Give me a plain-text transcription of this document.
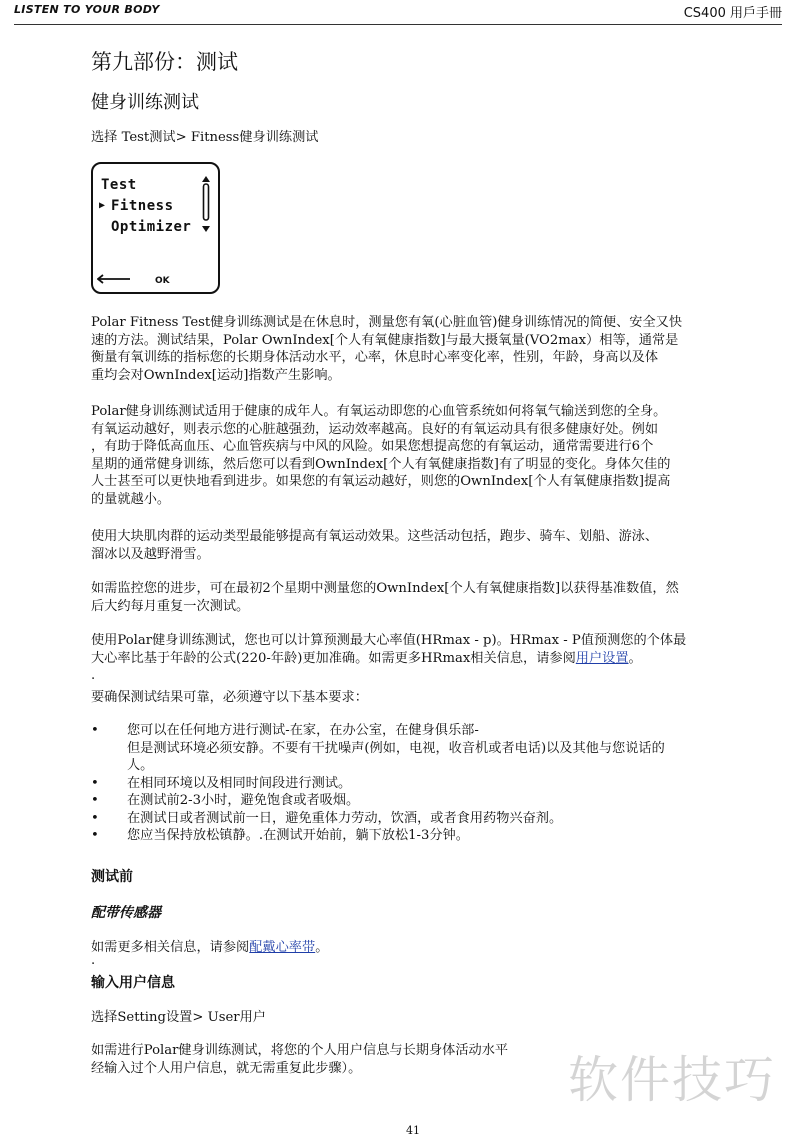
LISTEN TO YOUR BODY	CS400 用戶手冊
第九部份：测试
健身训练测试
选择 Test测试> Fitness健身训练测试
Test
▶ Fitness
Optimizer
OK
Polar Fitness Test健身训练测试是在休息时，测量您有氧(心脏血管)健身训练情况的简便、安全又快
速的方法。测试结果，Polar OwnIndex[个人有氧健康指数]与最大摄氧量(VO2max）相等，通常是
衡量有氧训练的指标您的长期身体活动水平，心率，休息时心率变化率，性别，年龄，身高以及体
重均会对OwnIndex[运动]指数产生影响。
Polar健身训练测试适用于健康的成年人。有氧运动即您的心血管系统如何将氧气输送到您的全身。
有氧运动越好，则表示您的心脏越强劲，运动效率越高。良好的有氧运动具有很多健康好处。例如
，有助于降低高血压、心血管疾病与中风的风险。如果您想提高您的有氧运动，通常需要进行6个
星期的通常健身训练，然后您可以看到OwnIndex[个人有氧健康指数]有了明显的变化。身体欠佳的
人士甚至可以更快地看到进步。如果您的有氧运动越好，则您的OwnIndex[个人有氧健康指数]提高
的量就越小。
使用大块肌肉群的运动类型最能够提高有氧运动效果。这些活动包括，跑步、骑车、划船、游泳、
溜冰以及越野滑雪。
如需监控您的进步，可在最初2个星期中测量您的OwnIndex[个人有氧健康指数]以获得基准数值，然
后大约每月重复一次测试。
使用Polar健身训练测试，您也可以计算预测最大心率值(HRmax - p)。HRmax - P值预测您的个体最
大心率比基于年龄的公式(220-年龄)更加准确。如需更多HRmax相关信息，请参阅用户设置。
.
要确保测试结果可靠，必须遵守以下基本要求：
• 您可以在任何地方进行测试-在家，在办公室，在健身俱乐部-
但是测试环境必须安静。不要有干扰噪声(例如，电视，收音机或者电话)以及其他与您说话的
人。
• 在相同环境以及相同时间段进行测试。
• 在测试前2-3小时，避免饱食或者吸烟。
• 在测试日或者测试前一日，避免重体力劳动，饮酒，或者食用药物兴奋剂。
• 您应当保持放松镇静。.在测试开始前，躺下放松1-3分钟。
测试前
配带传感器
如需更多相关信息，请参阅配戴心率带。
.
输入用户信息
选择Setting设置> User用户
如需进行Polar健身训练测试，将您的个人用户信息与长期身体活动水平
经输入过个人用户信息，就无需重复此步骤）。	软件技巧
41
